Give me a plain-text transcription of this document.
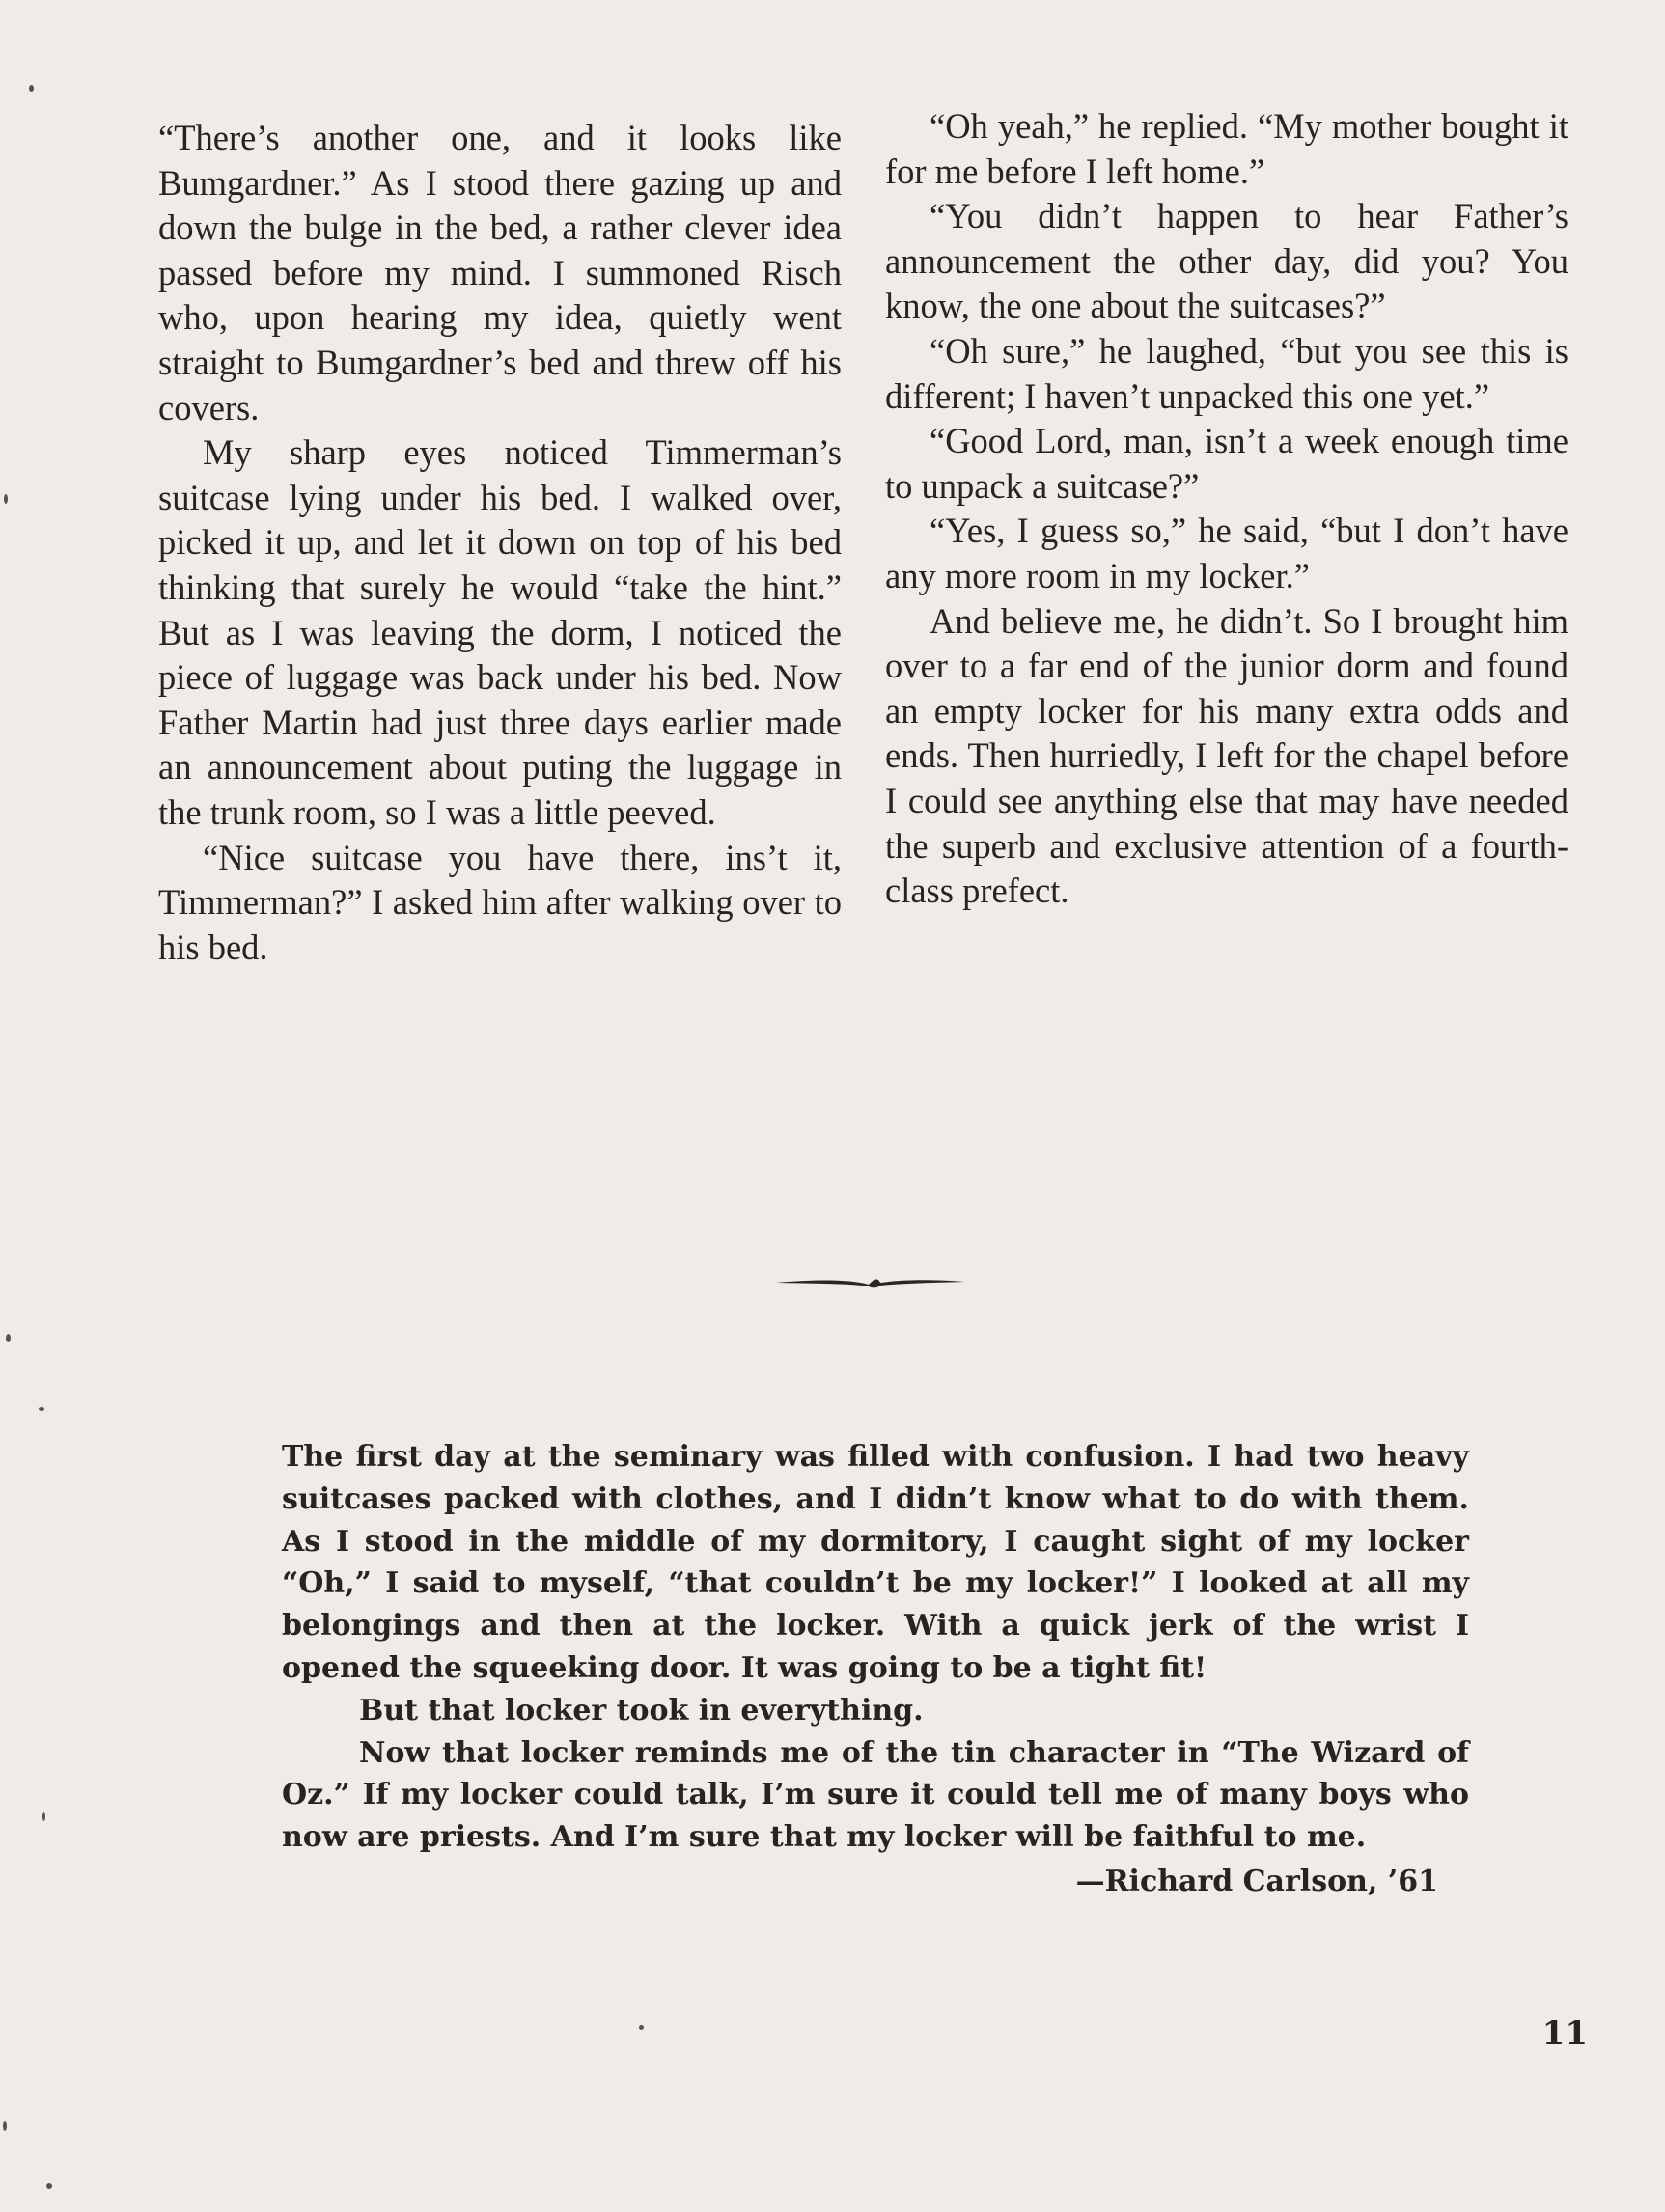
“There’s another one, and it looks like Bumgardner.” As I stood there gazing up and down the bulge in the bed, a rather clever idea passed before my mind. I summoned Risch who, upon hearing my idea, quietly went straight to Bumgardner’s bed and threw off his covers.

My sharp eyes noticed Timmerman’s suitcase lying under his bed. I walked over, picked it up, and let it down on top of his bed thinking that surely he would “take the hint.” But as I was leaving the dorm, I noticed the piece of luggage was back under his bed. Now Father Martin had just three days earlier made an announcement about puting the luggage in the trunk room, so I was a little peeved.

“Nice suitcase you have there, ins’t it, Timmerman?” I asked him after walking over to his bed.

“Oh yeah,” he replied. “My mother bought it for me before I left home.”

“You didn’t happen to hear Father’s announcement the other day, did you? You know, the one about the suitcases?”

“Oh sure,” he laughed, “but you see this is different; I haven’t unpacked this one yet.”

“Good Lord, man, isn’t a week enough time to unpack a suitcase?”

“Yes, I guess so,” he said, “but I don’t have any more room in my locker.”

And believe me, he didn’t. So I brought him over to a far end of the junior dorm and found an empty locker for his many extra odds and ends. Then hurriedly, I left for the chapel before I could see anything else that may have needed the superb and exclusive attention of a fourth-class prefect.

The first day at the seminary was filled with confusion. I had two heavy suitcases packed with clothes, and I didn’t know what to do with them. As I stood in the middle of my dormitory, I caught sight of my locker “Oh,” I said to myself, “that couldn’t be my locker!” I looked at all my belongings and then at the locker. With a quick jerk of the wrist I opened the squeeking door. It was going to be a tight fit!

But that locker took in everything.

Now that locker reminds me of the tin character in “The Wizard of Oz.” If my locker could talk, I’m sure it could tell me of many boys who now are priests. And I’m sure that my locker will be faithful to me.

—Richard Carlson, ’61
11
